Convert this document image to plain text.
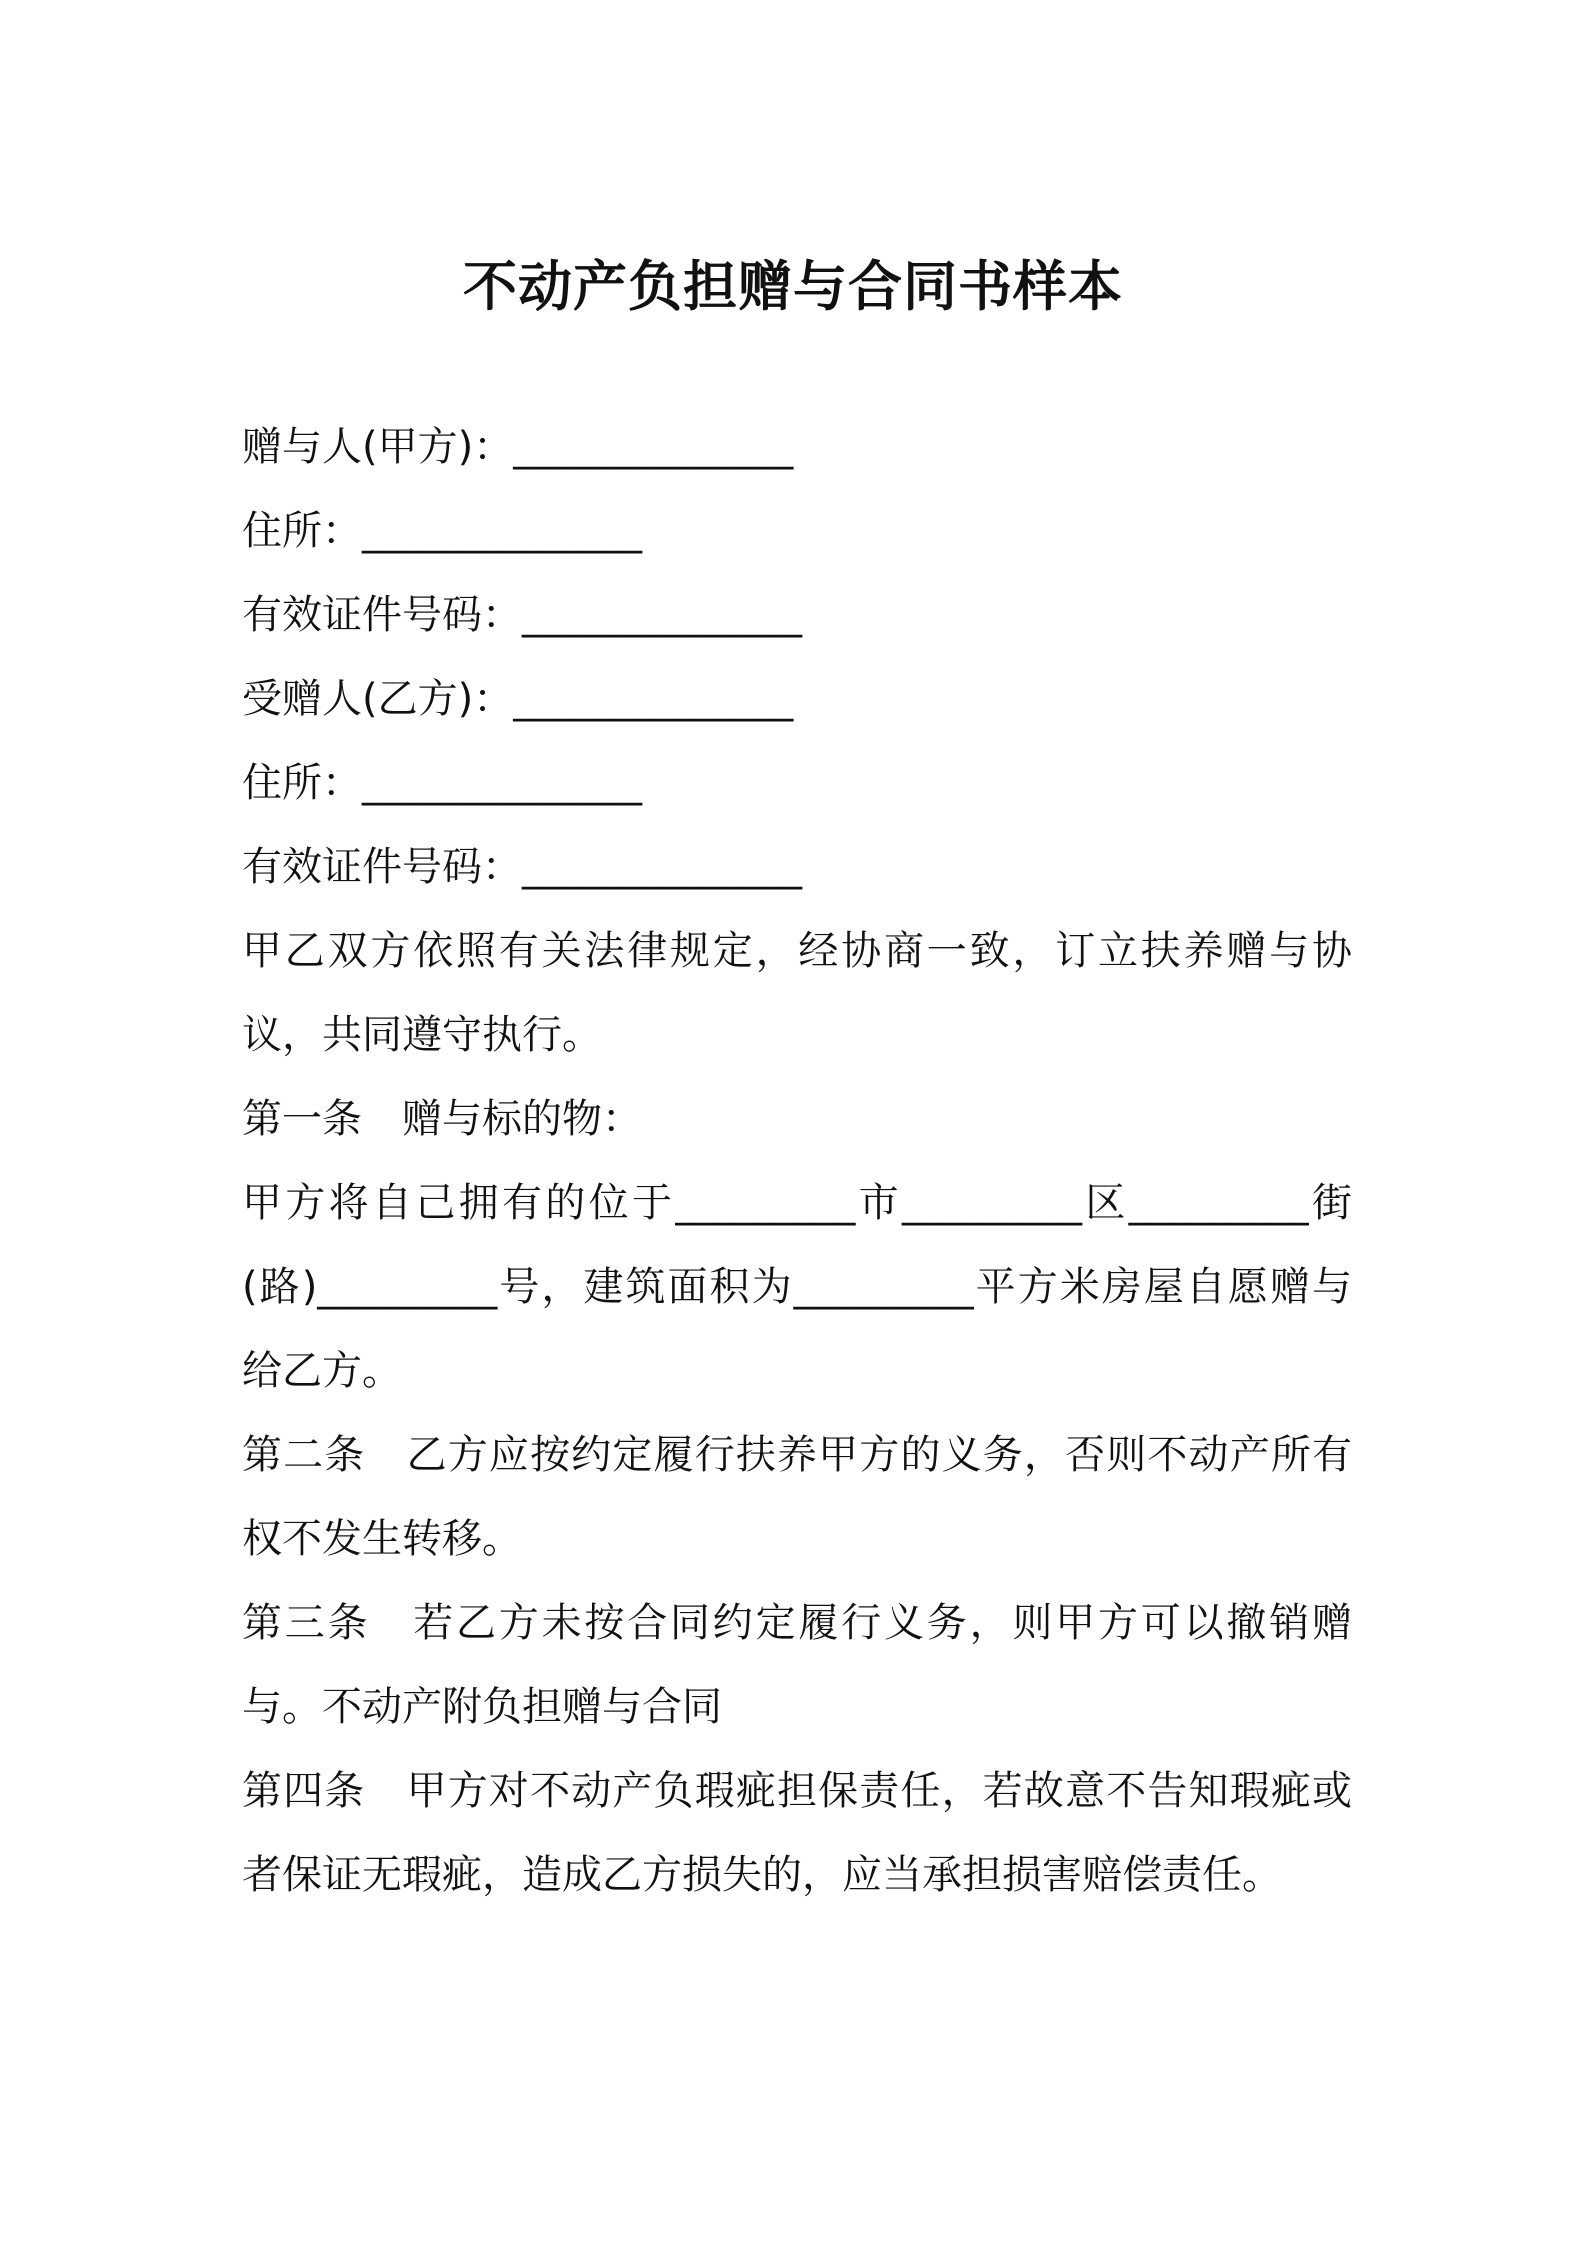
不动产负担赠与合同书样本

赠与人(甲方)：______________

住所：______________

有效证件号码：______________

受赠人(乙方)：______________

住所：______________

有效证件号码：______________

甲乙双方依照有关法律规定，经协商一致，订立扶养赠与协议，共同遵守执行。

第一条　赠与标的物：

甲方将自己拥有的位于_________市_________区_________街(路)_________号，建筑面积为_________平方米房屋自愿赠与给乙方。

第二条　乙方应按约定履行扶养甲方的义务，否则不动产所有权不发生转移。

第三条　若乙方未按合同约定履行义务，则甲方可以撤销赠与。不动产附负担赠与合同

第四条　甲方对不动产负瑕疵担保责任，若故意不告知瑕疵或者保证无瑕疵，造成乙方损失的，应当承担损害赔偿责任。
